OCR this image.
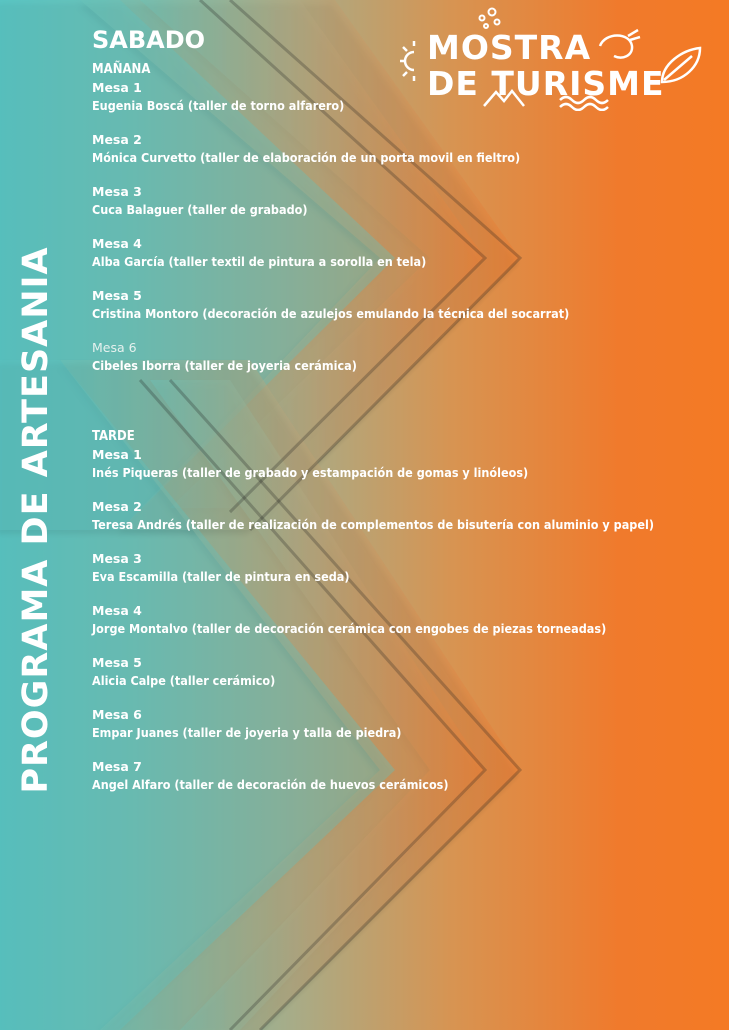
PROGRAMA DE ARTESANIA
MOSTRA
DE TURISME
SABADO
MAÑANA
Mesa 1
Eugenia Boscá (taller de torno alfarero)
Mesa 2
Mónica Curvetto (taller de elaboración de un porta movil en fieltro)
Mesa 3
Cuca Balaguer (taller de grabado)
Mesa 4
Alba García (taller textil de pintura a sorolla en tela)
Mesa 5
Cristina Montoro (decoración de azulejos emulando la técnica del socarrat)
Mesa 6
Cibeles Iborra (taller de joyeria cerámica)
TARDE
Mesa 1
Inés Piqueras (taller de grabado y estampación de gomas y linóleos)
Mesa 2
Teresa Andrés (taller de realización de complementos de bisutería con aluminio y papel)
Mesa 3
Eva Escamilla (taller de pintura en seda)
Mesa 4
Jorge Montalvo (taller de decoración cerámica con engobes de piezas torneadas)
Mesa 5
Alicia Calpe (taller cerámico)
Mesa 6
Empar Juanes (taller de joyeria y talla de piedra)
Mesa 7
Angel Alfaro (taller de decoración de huevos cerámicos)
